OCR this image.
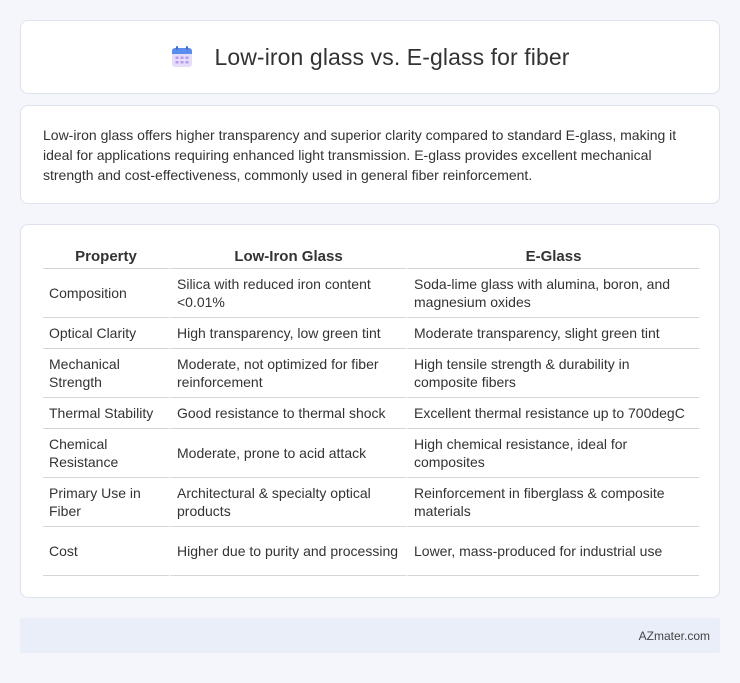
Low-iron glass vs. E-glass for fiber

Low-iron glass offers higher transparency and superior clarity compared to standard E-glass, making it ideal for applications requiring enhanced light transmission. E-glass provides excellent mechanical strength and cost-effectiveness, commonly used in general fiber reinforcement.

Property	Low-Iron Glass	E-Glass
Composition	Silica with reduced iron content <0.01%	Soda-lime glass with alumina, boron, and magnesium oxides
Optical Clarity	High transparency, low green tint	Moderate transparency, slight green tint
Mechanical Strength	Moderate, not optimized for fiber reinforcement	High tensile strength & durability in composite fibers
Thermal Stability	Good resistance to thermal shock	Excellent thermal resistance up to 700degC
Chemical Resistance	Moderate, prone to acid attack	High chemical resistance, ideal for composites
Primary Use in Fiber	Architectural & specialty optical products	Reinforcement in fiberglass & composite materials
Cost	Higher due to purity and processing	Lower, mass-produced for industrial use
AZmater.com
